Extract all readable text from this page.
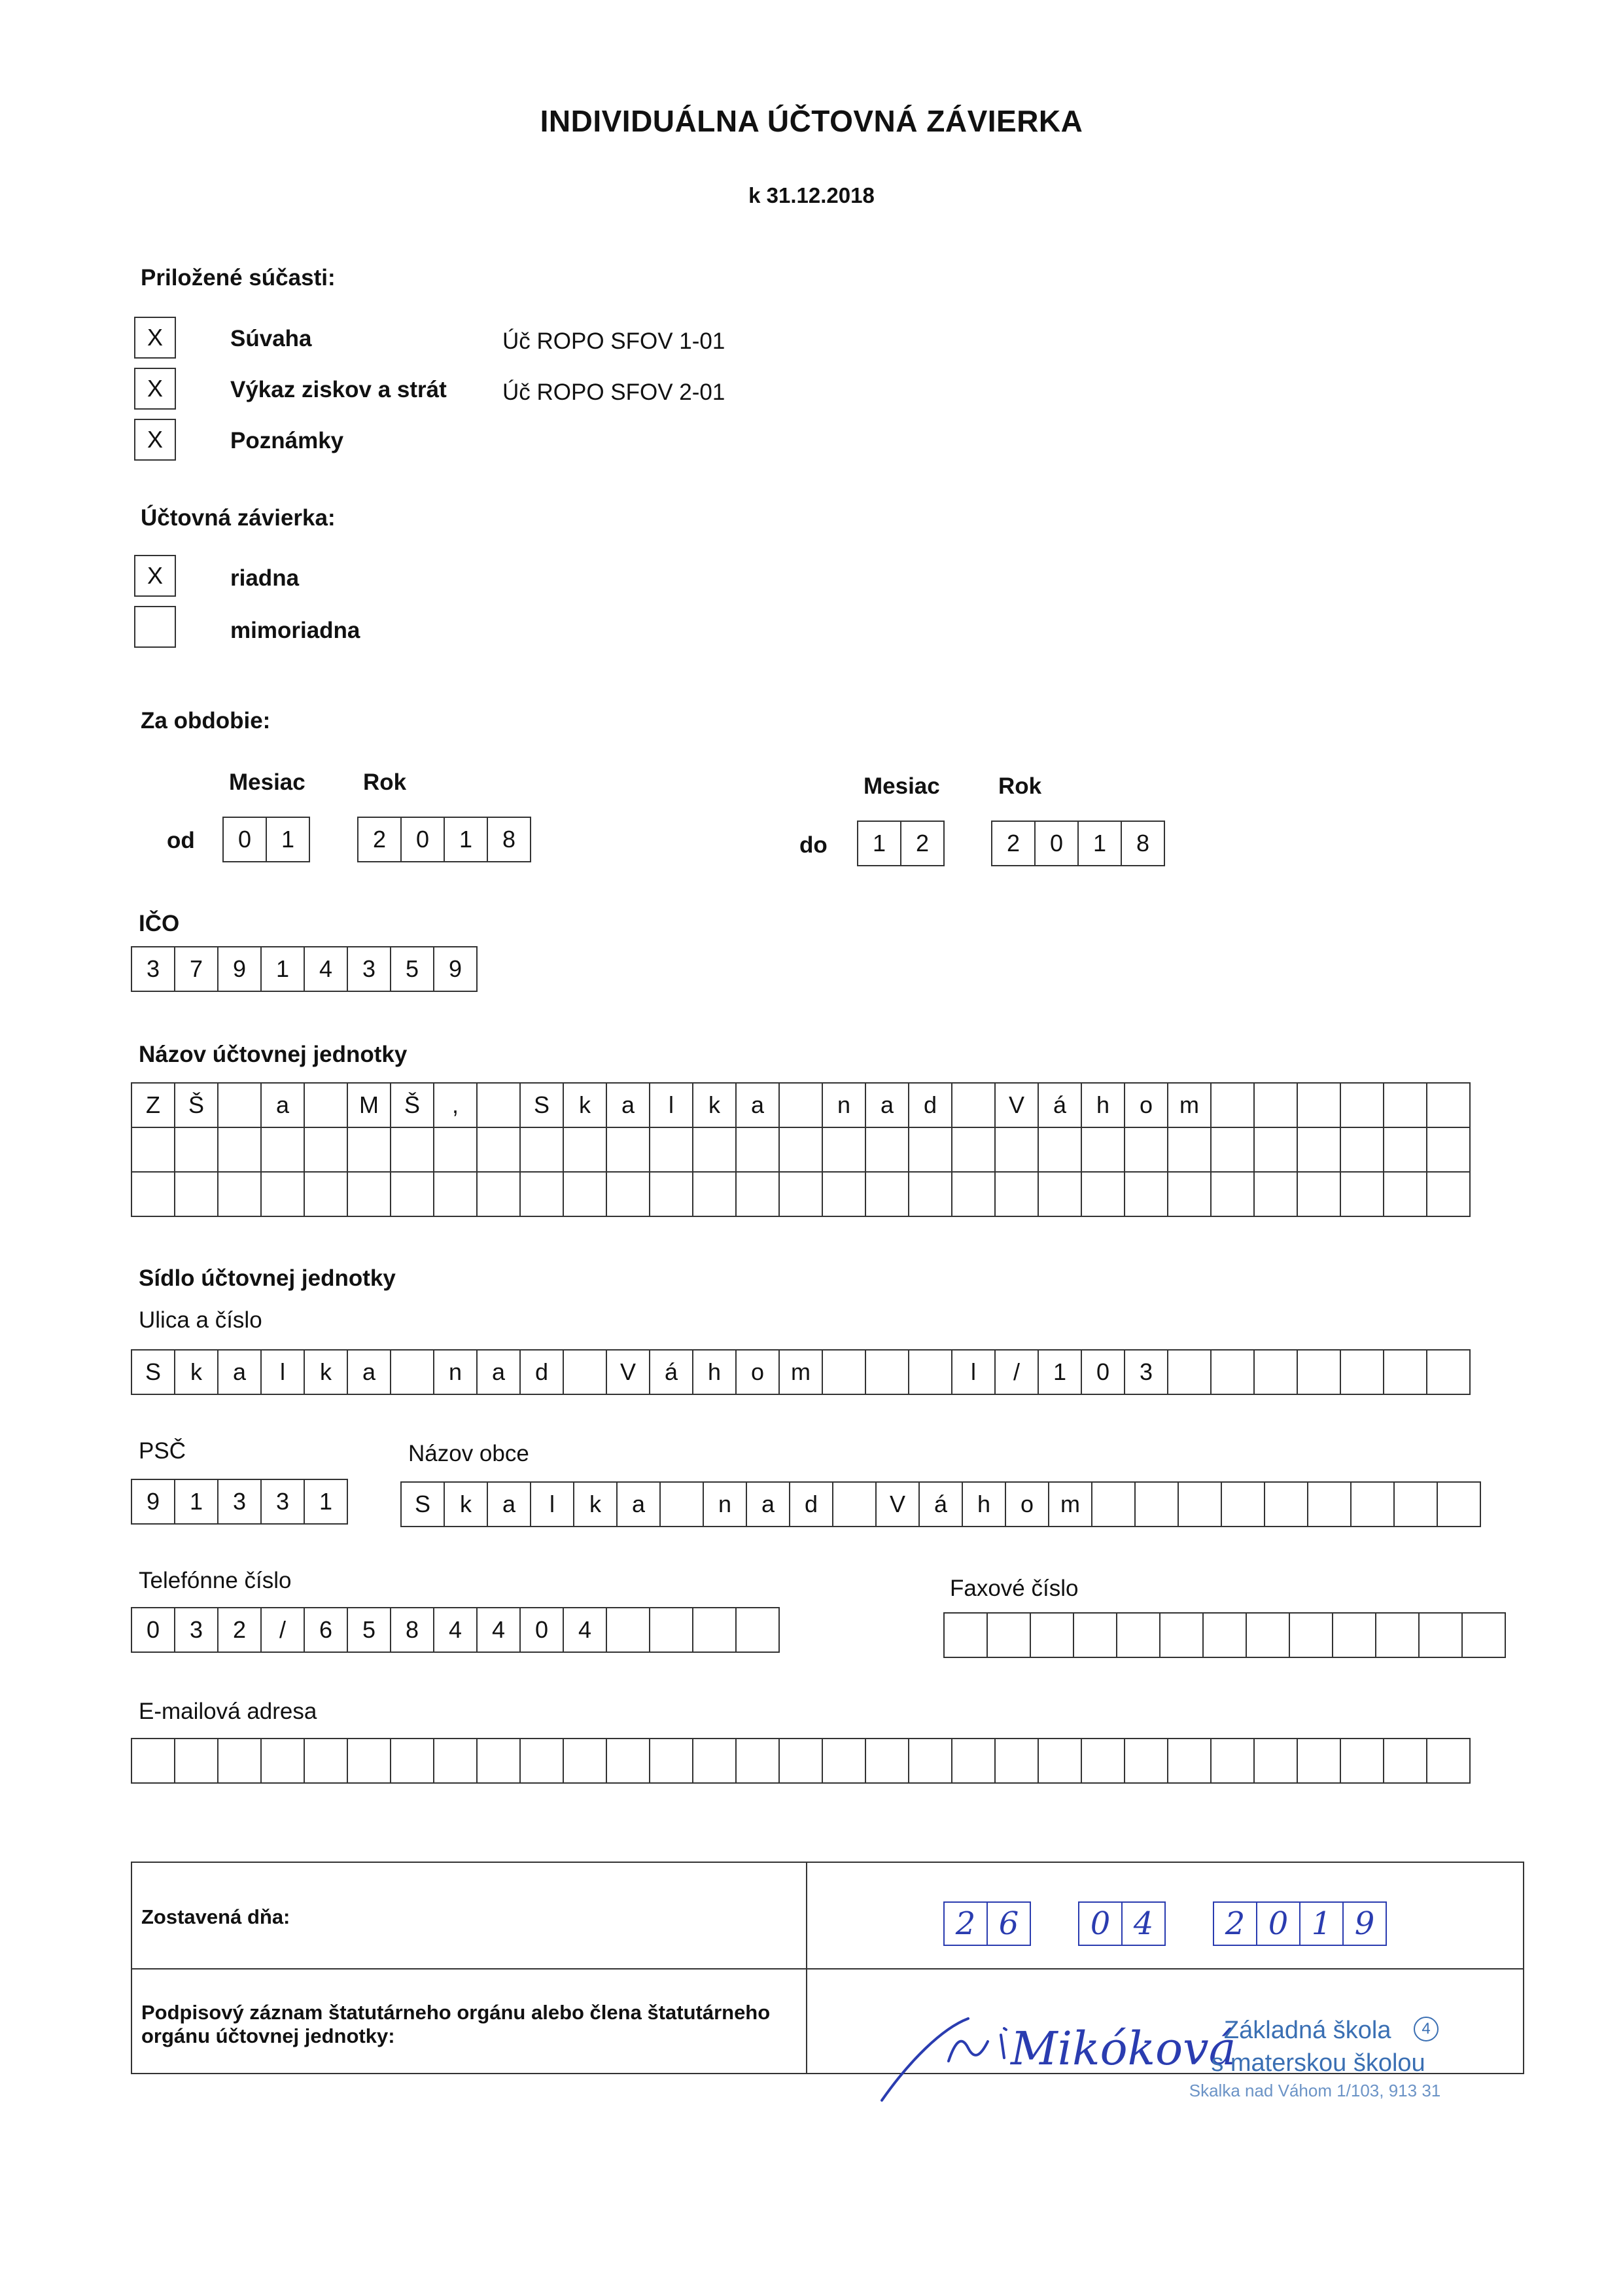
INDIVIDUÁLNA ÚČTOVNÁ ZÁVIERKA
k 31.12.2018
Priložené súčasti:
X	Súvaha	Úč ROPO SFOV 1-01
X	Výkaz ziskov a strát Úč ROPO SFOV 2-01
X	Poznámky
Účtovná závierka:
X	riadna
mimoriadna
Za obdobie:
Mesiac	Rok
od	0	1	2	0	1	8
Mesiac	Rok
do	1	2	2	0	1	8
IČO
3	7	9	1	4	3	5	9
Názov účtovnej jednotky
Z	Š	a	M	Š	,	S	k	a	l	k	a	n	a	d	V	á	h	o	m
Sídlo účtovnej jednotky
Ulica a číslo
S	k	a	l	k	a	n	a	d	V	á	h	o	m	l	/	1	0	3
PSČ
9	1	3	3	1
Názov obce
S	k	a	l	k	a	n	a	d	V	á	h	o	m
Telefónne číslo
0	3	2	/	6	5	8	4	4	0	4
Faxové číslo
E-mailová adresa
Zostavená dňa:	2 6	0 4	2 0 1 9
Podpisový záznam štatutárneho orgánu alebo člena štatutárneho orgánu účtovnej jednotky:	Mikóková
Základná škola 4
s materskou školou
Skalka nad Váhom 1/103, 913 31
